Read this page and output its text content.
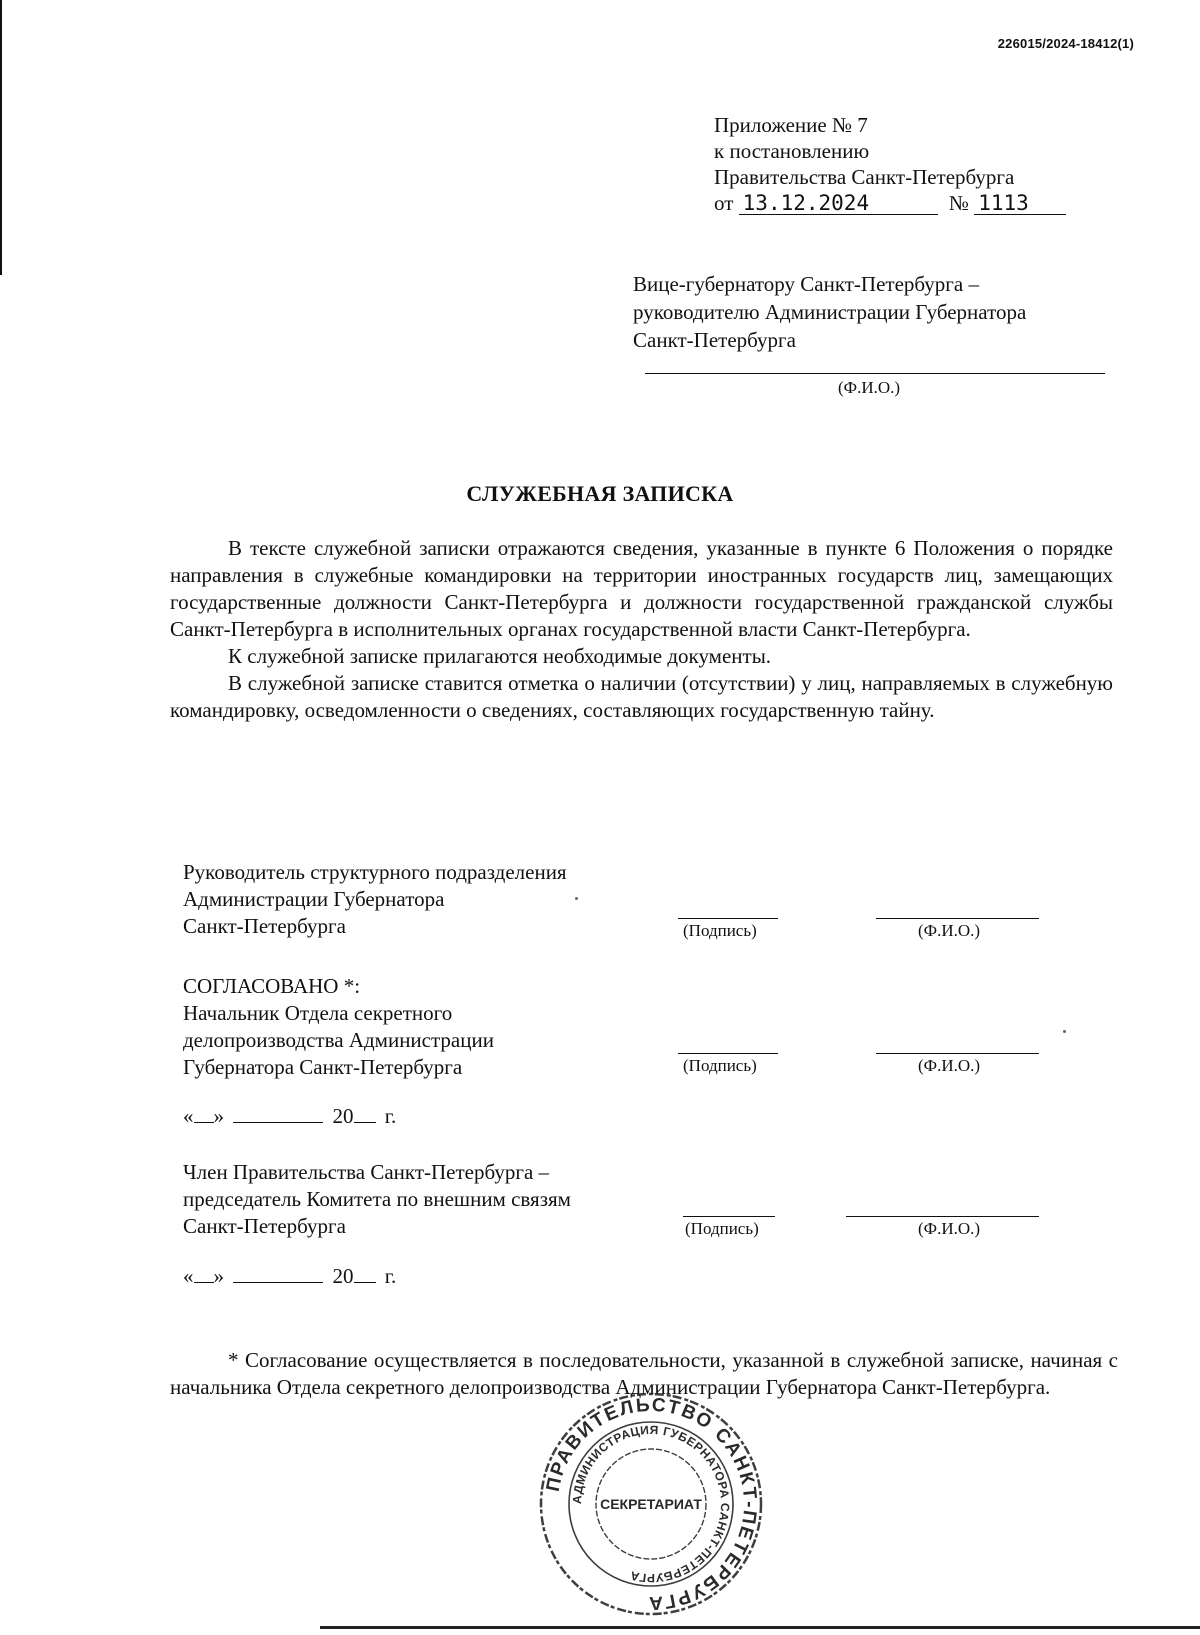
226015/2024-18412(1)
Приложение № 7
к постановлению
Правительства Санкт-Петербурга
от 13.12.2024	№ 1113
Вице-губернатору Санкт-Петербурга –
руководителю Администрации Губернатора
Санкт-Петербурга
(Ф.И.О.)
СЛУЖЕБНАЯ ЗАПИСКА

В тексте служебной записки отражаются сведения, указанные в пункте 6 Положения о порядке направления в служебные командировки на территории иностранных государств лиц, замещающих государственные должности Санкт-Петербурга и должности государственной гражданской службы Санкт-Петербурга в исполнительных органах государственной власти Санкт-Петербурга.

К служебной записке прилагаются необходимые документы.

В служебной записке ставится отметка о наличии (отсутствии) у лиц, направляемых в служебную командировку, осведомленности о сведениях, составляющих государственную тайну.

Руководитель структурного подразделения
Администрации Губернатора
Санкт-Петербурга	(Подпись)	(Ф.И.О.)
СОГЛАСОВАНО *:
Начальник Отдела секретного
делопроизводства Администрации
Губернатора Санкт-Петербурга	(Подпись)	(Ф.И.О.)
« »	20 г.
Член Правительства Санкт-Петербурга –
председатель Комитета по внешним связям
Санкт-Петербурга	(Подпись)	(Ф.И.О.)
« »	20 г.

* Согласование осуществляется в последовательности, указанной в служебной записке, начиная с начальника Отдела секретного делопроизводства Администрации Губернатора Санкт-Петербурга.

ПРАВИТЕЛЬСТВО САНКТ-ПЕТЕРБУРГА
АДМИНИСТРАЦИЯ ГУБЕРНАТОРА САНКТ-ПЕТЕРБУРГА
СЕКРЕТАРИАТ
